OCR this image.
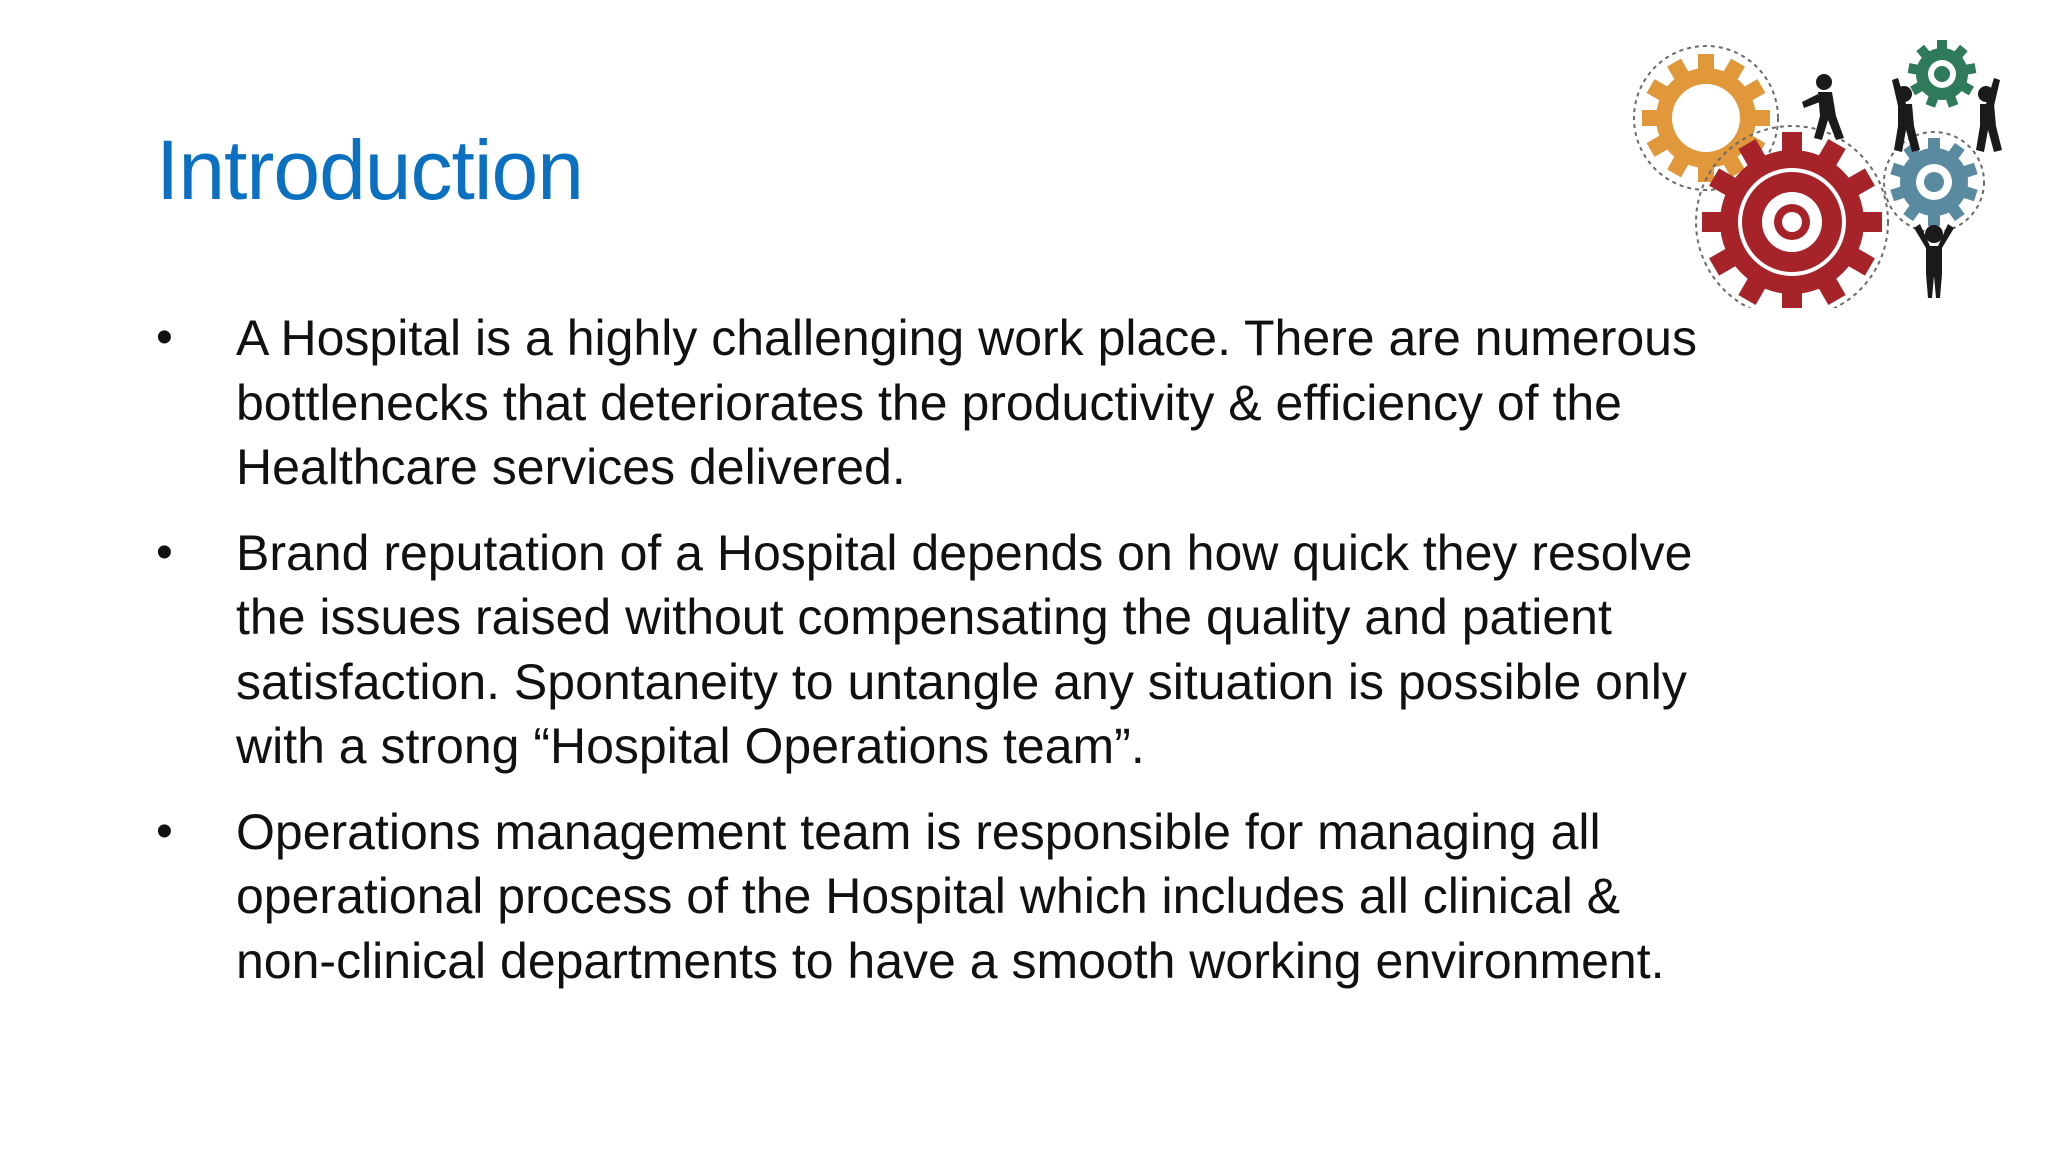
Introduction
• A Hospital is a highly challenging work place. There are numerous
bottlenecks that deteriorates the productivity & efficiency of the
Healthcare services delivered.
• Brand reputation of a Hospital depends on how quick they resolve
the issues raised without compensating the quality and patient
satisfaction. Spontaneity to untangle any situation is possible only
with a strong “Hospital Operations team”.
• Operations management team is responsible for managing all
operational process of the Hospital which includes all clinical &
non-clinical departments to have a smooth working environment.
